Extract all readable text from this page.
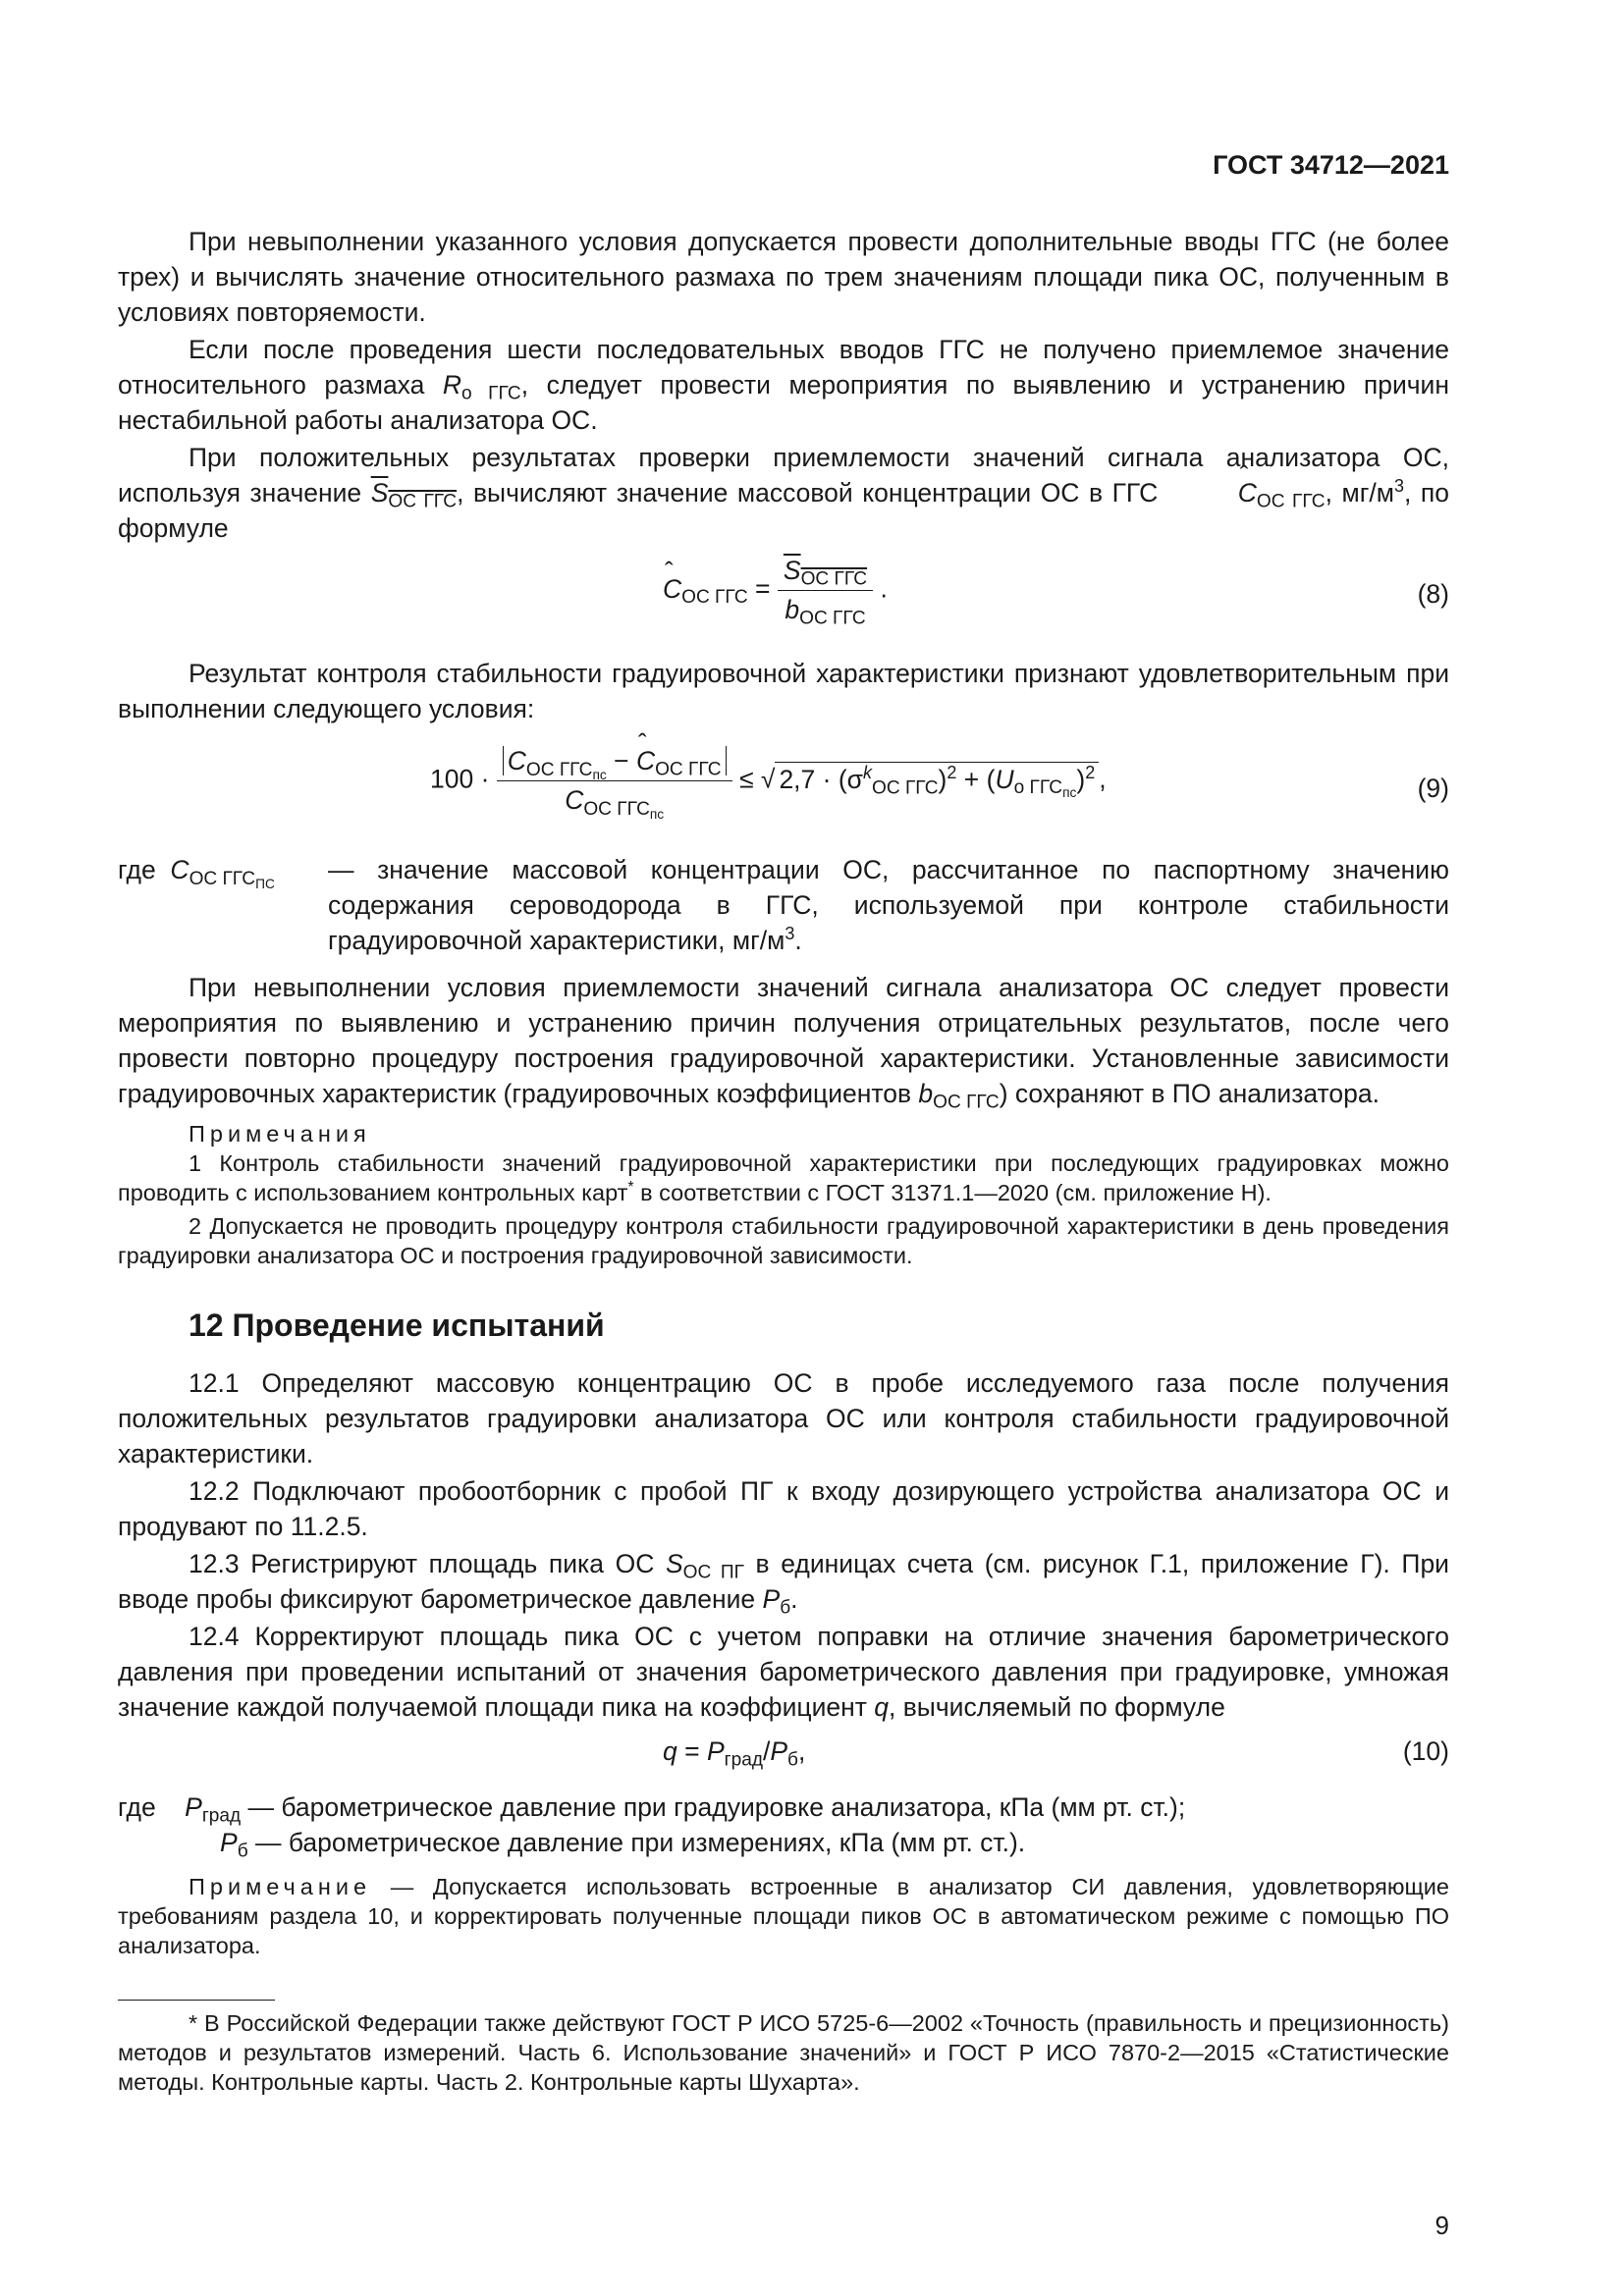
ГОСТ 34712—2021

При невыполнении указанного условия допускается провести дополнительные вводы ГГС (не более трех) и вычислять значение относительного размаха по трем значениям площади пика ОС, полученным в условиях повторяемости.

Если после проведения шести последовательных вводов ГГС не получено приемлемое значение относительного размаха $R_{о ГГС}$, следует провести мероприятия по выявлению и устранению причин нестабильной работы анализатора ОС.

При положительных результатах проверки приемлемости значений сигнала анализатора ОС, используя значение $S_{ОС ГГС}$, вычисляют значение массовой концентрации ОС в ГГС	ˆ $C_{ОС ГГС}$, $мг/м^3$, по формуле

ˆ $C_{ОС ГГС} = \frac{S_{ОС ГГС}}{b_{ОС ГГС}}$ .	(8)

Результат контроля стабильности градуировочной характеристики признают удовлетворительным при выполнении следующего условия:

$100 \cdot \frac{C_{ОС ГГС_{пс}} - ˆ C_{ОС ГГС}}{C_{ОС ГГС_{пс}}}$ ≤ √ $2,7 \cdot (\sigma^k_{ОС ГГС})^2 + (U_{о ГГС_{пс}})^2$ ,	(9)
где $C_{ОС ГГС_{ПС}}$	— значение массовой концентрации ОС, рассчитанное по паспортному значению содержания сероводорода в ГГС, используемой при контроле стабильности градуировочной характеристики, $мг/м^3$.

При невыполнении условия приемлемости значений сигнала анализатора ОС следует провести мероприятия по выявлению и устранению причин получения отрицательных результатов, после чего провести повторно процедуру построения градуировочной характеристики. Установленные зависимости градуировочных характеристик (градуировочных коэффициентов $b_{ОС ГГС}$) сохраняют в ПО анализатора.

Примечания
1 Контроль стабильности значений градуировочной характеристики при последующих градуировках можно проводить с использованием контрольных карт* в соответствии с ГОСТ 31371.1—2020 (см. приложение Н).
2 Допускается не проводить процедуру контроля стабильности градуировочной характеристики в день проведения градуировки анализатора ОС и построения градуировочной зависимости.
12 Проведение испытаний

12.1 Определяют массовую концентрацию ОС в пробе исследуемого газа после получения положительных результатов градуировки анализатора ОС или контроля стабильности градуировочной характеристики.

12.2 Подключают пробоотборник с пробой ПГ к входу дозирующего устройства анализатора ОС и продувают по 11.2.5.

12.3 Регистрируют площадь пика ОС $S_{ОС ПГ}$ в единицах счета (см. рисунок Г.1, приложение Г). При вводе пробы фиксируют барометрическое давление $P_б$.

12.4 Корректируют площадь пика ОС с учетом поправки на отличие значения барометрического давления при проведении испытаний от значения барометрического давления при градуировке, умножая значение каждой получаемой площади пика на коэффициент q, вычисляемый по формуле

$q = P_{град}/P_б$,	(10)
где $P_{град}$ — барометрическое давление при градуировке анализатора, кПа (мм рт. ст.);
$P_б$ — барометрическое давление при измерениях, кПа (мм рт. ст.).
Примечание — Допускается использовать встроенные в анализатор СИ давления, удовлетворяющие требованиям раздела 10, и корректировать полученные площади пиков ОС в автоматическом режиме с помощью ПО анализатора.
* В Российской Федерации также действуют ГОСТ Р ИСО 5725-6—2002 «Точность (правильность и прецизионность) методов и результатов измерений. Часть 6. Использование значений» и ГОСТ Р ИСО 7870-2—2015 «Статистические методы. Контрольные карты. Часть 2. Контрольные карты Шухарта».
9
